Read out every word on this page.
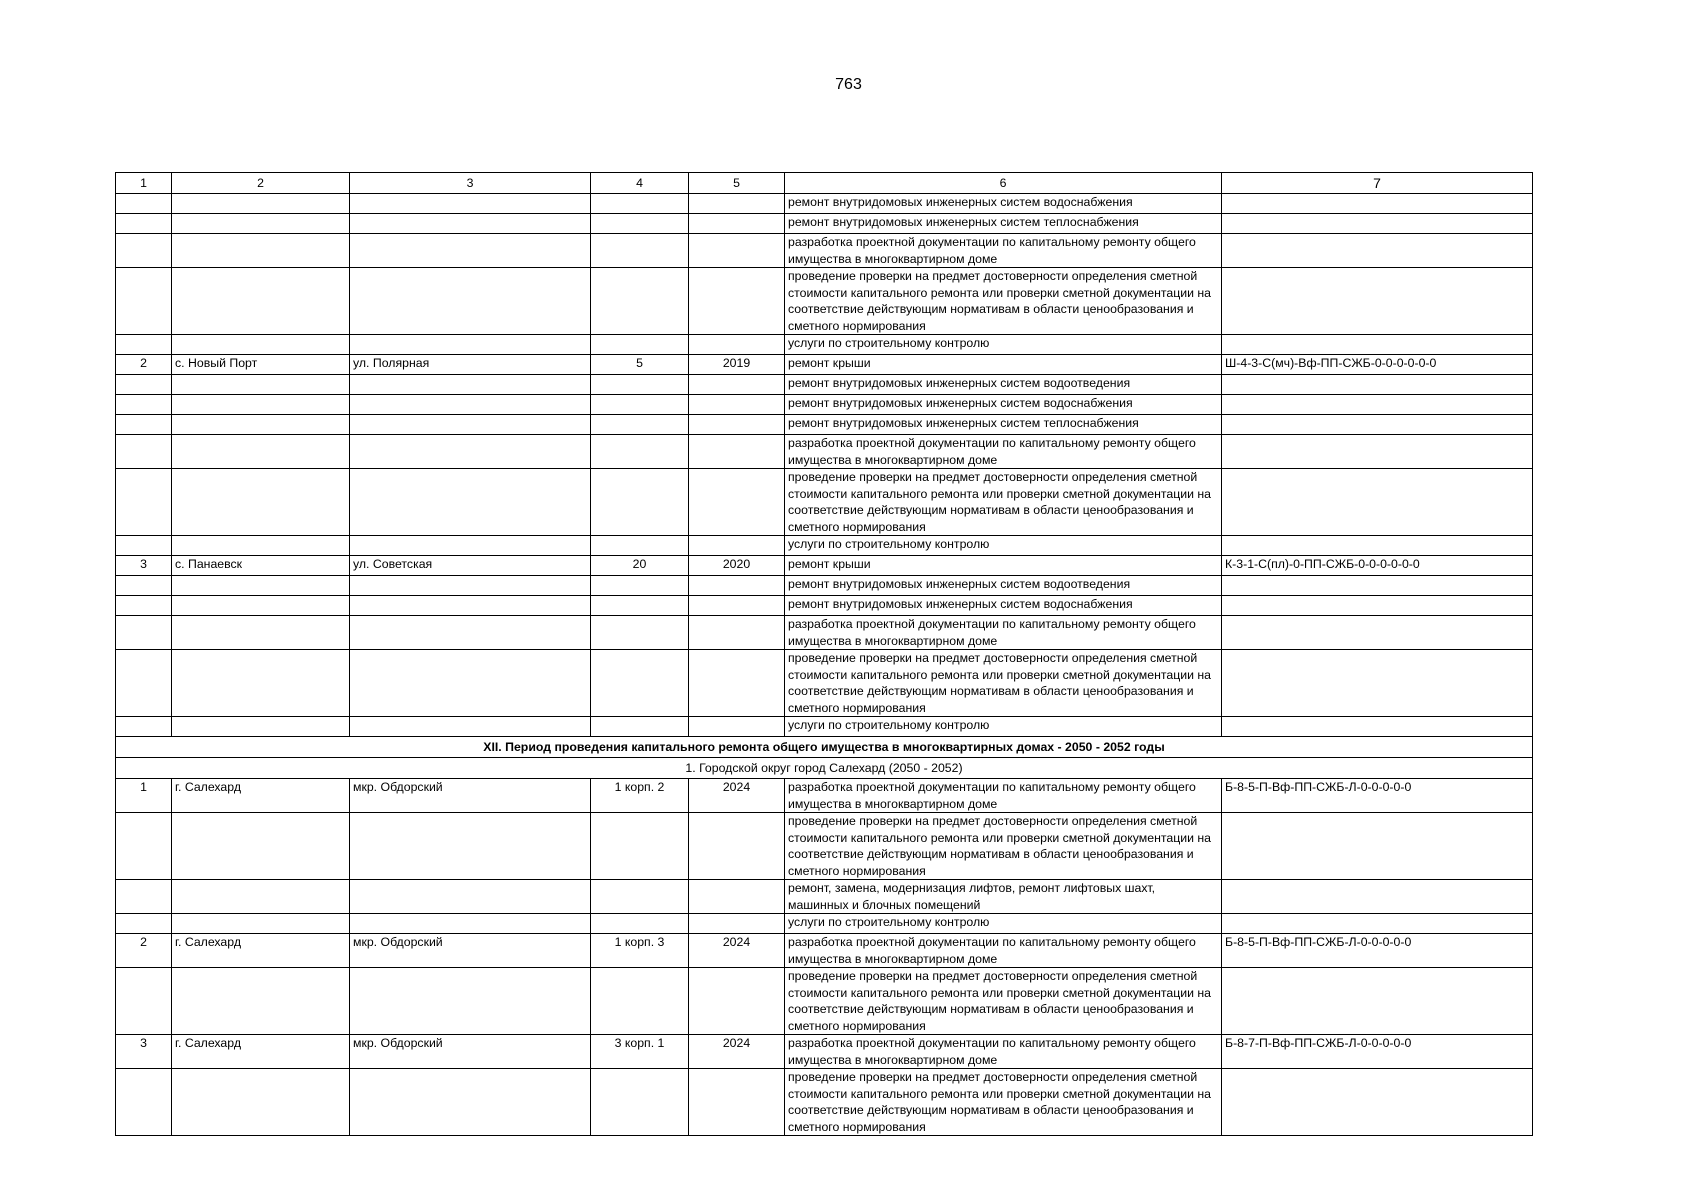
763
1	2	3	4	5	6	7
					ремонт внутридомовых инженерных систем водоснабжения	
					ремонт внутридомовых инженерных систем теплоснабжения	
					разработка проектной документации по капитальному ремонту общего имущества в многоквартирном доме	
					проведение проверки на предмет достоверности определения сметной стоимости капитального ремонта или проверки сметной документации на соответствие действующим нормативам в области ценообразования и сметного нормирования	
					услуги по строительному контролю	
2	с. Новый Порт	ул. Полярная	5	2019	ремонт крыши	Ш-4-3-С(мч)-Вф-ПП-СЖБ-0-0-0-0-0-0
					ремонт внутридомовых инженерных систем водоотведения	
					ремонт внутридомовых инженерных систем водоснабжения	
					ремонт внутридомовых инженерных систем теплоснабжения	
					разработка проектной документации по капитальному ремонту общего имущества в многоквартирном доме	
					проведение проверки на предмет достоверности определения сметной стоимости капитального ремонта или проверки сметной документации на соответствие действующим нормативам в области ценообразования и сметного нормирования	
					услуги по строительному контролю	
3	с. Панаевск	ул. Советская	20	2020	ремонт крыши	К-3-1-С(пл)-0-ПП-СЖБ-0-0-0-0-0-0
					ремонт внутридомовых инженерных систем водоотведения	
					ремонт внутридомовых инженерных систем водоснабжения	
					разработка проектной документации по капитальному ремонту общего имущества в многоквартирном доме	
					проведение проверки на предмет достоверности определения сметной стоимости капитального ремонта или проверки сметной документации на соответствие действующим нормативам в области ценообразования и сметного нормирования	
					услуги по строительному контролю	
XII. Период проведения капитального ремонта общего имущества в многоквартирных домах - 2050 - 2052 годы						
1. Городской округ город Салехард (2050 - 2052)						
1	г. Салехард	мкр. Обдорский	1 корп. 2	2024	разработка проектной документации по капитальному ремонту общего имущества в многоквартирном доме	Б-8-5-П-Вф-ПП-СЖБ-Л-0-0-0-0-0
					проведение проверки на предмет достоверности определения сметной стоимости капитального ремонта или проверки сметной документации на соответствие действующим нормативам в области ценообразования и сметного нормирования	
					ремонт, замена, модернизация лифтов, ремонт лифтовых шахт, машинных и блочных помещений	
					услуги по строительному контролю	
2	г. Салехард	мкр. Обдорский	1 корп. 3	2024	разработка проектной документации по капитальному ремонту общего имущества в многоквартирном доме	Б-8-5-П-Вф-ПП-СЖБ-Л-0-0-0-0-0
					проведение проверки на предмет достоверности определения сметной стоимости капитального ремонта или проверки сметной документации на соответствие действующим нормативам в области ценообразования и сметного нормирования	
3	г. Салехард	мкр. Обдорский	3 корп. 1	2024	разработка проектной документации по капитальному ремонту общего имущества в многоквартирном доме	Б-8-7-П-Вф-ПП-СЖБ-Л-0-0-0-0-0
					проведение проверки на предмет достоверности определения сметной стоимости капитального ремонта или проверки сметной документации на соответствие действующим нормативам в области ценообразования и сметного нормирования	
